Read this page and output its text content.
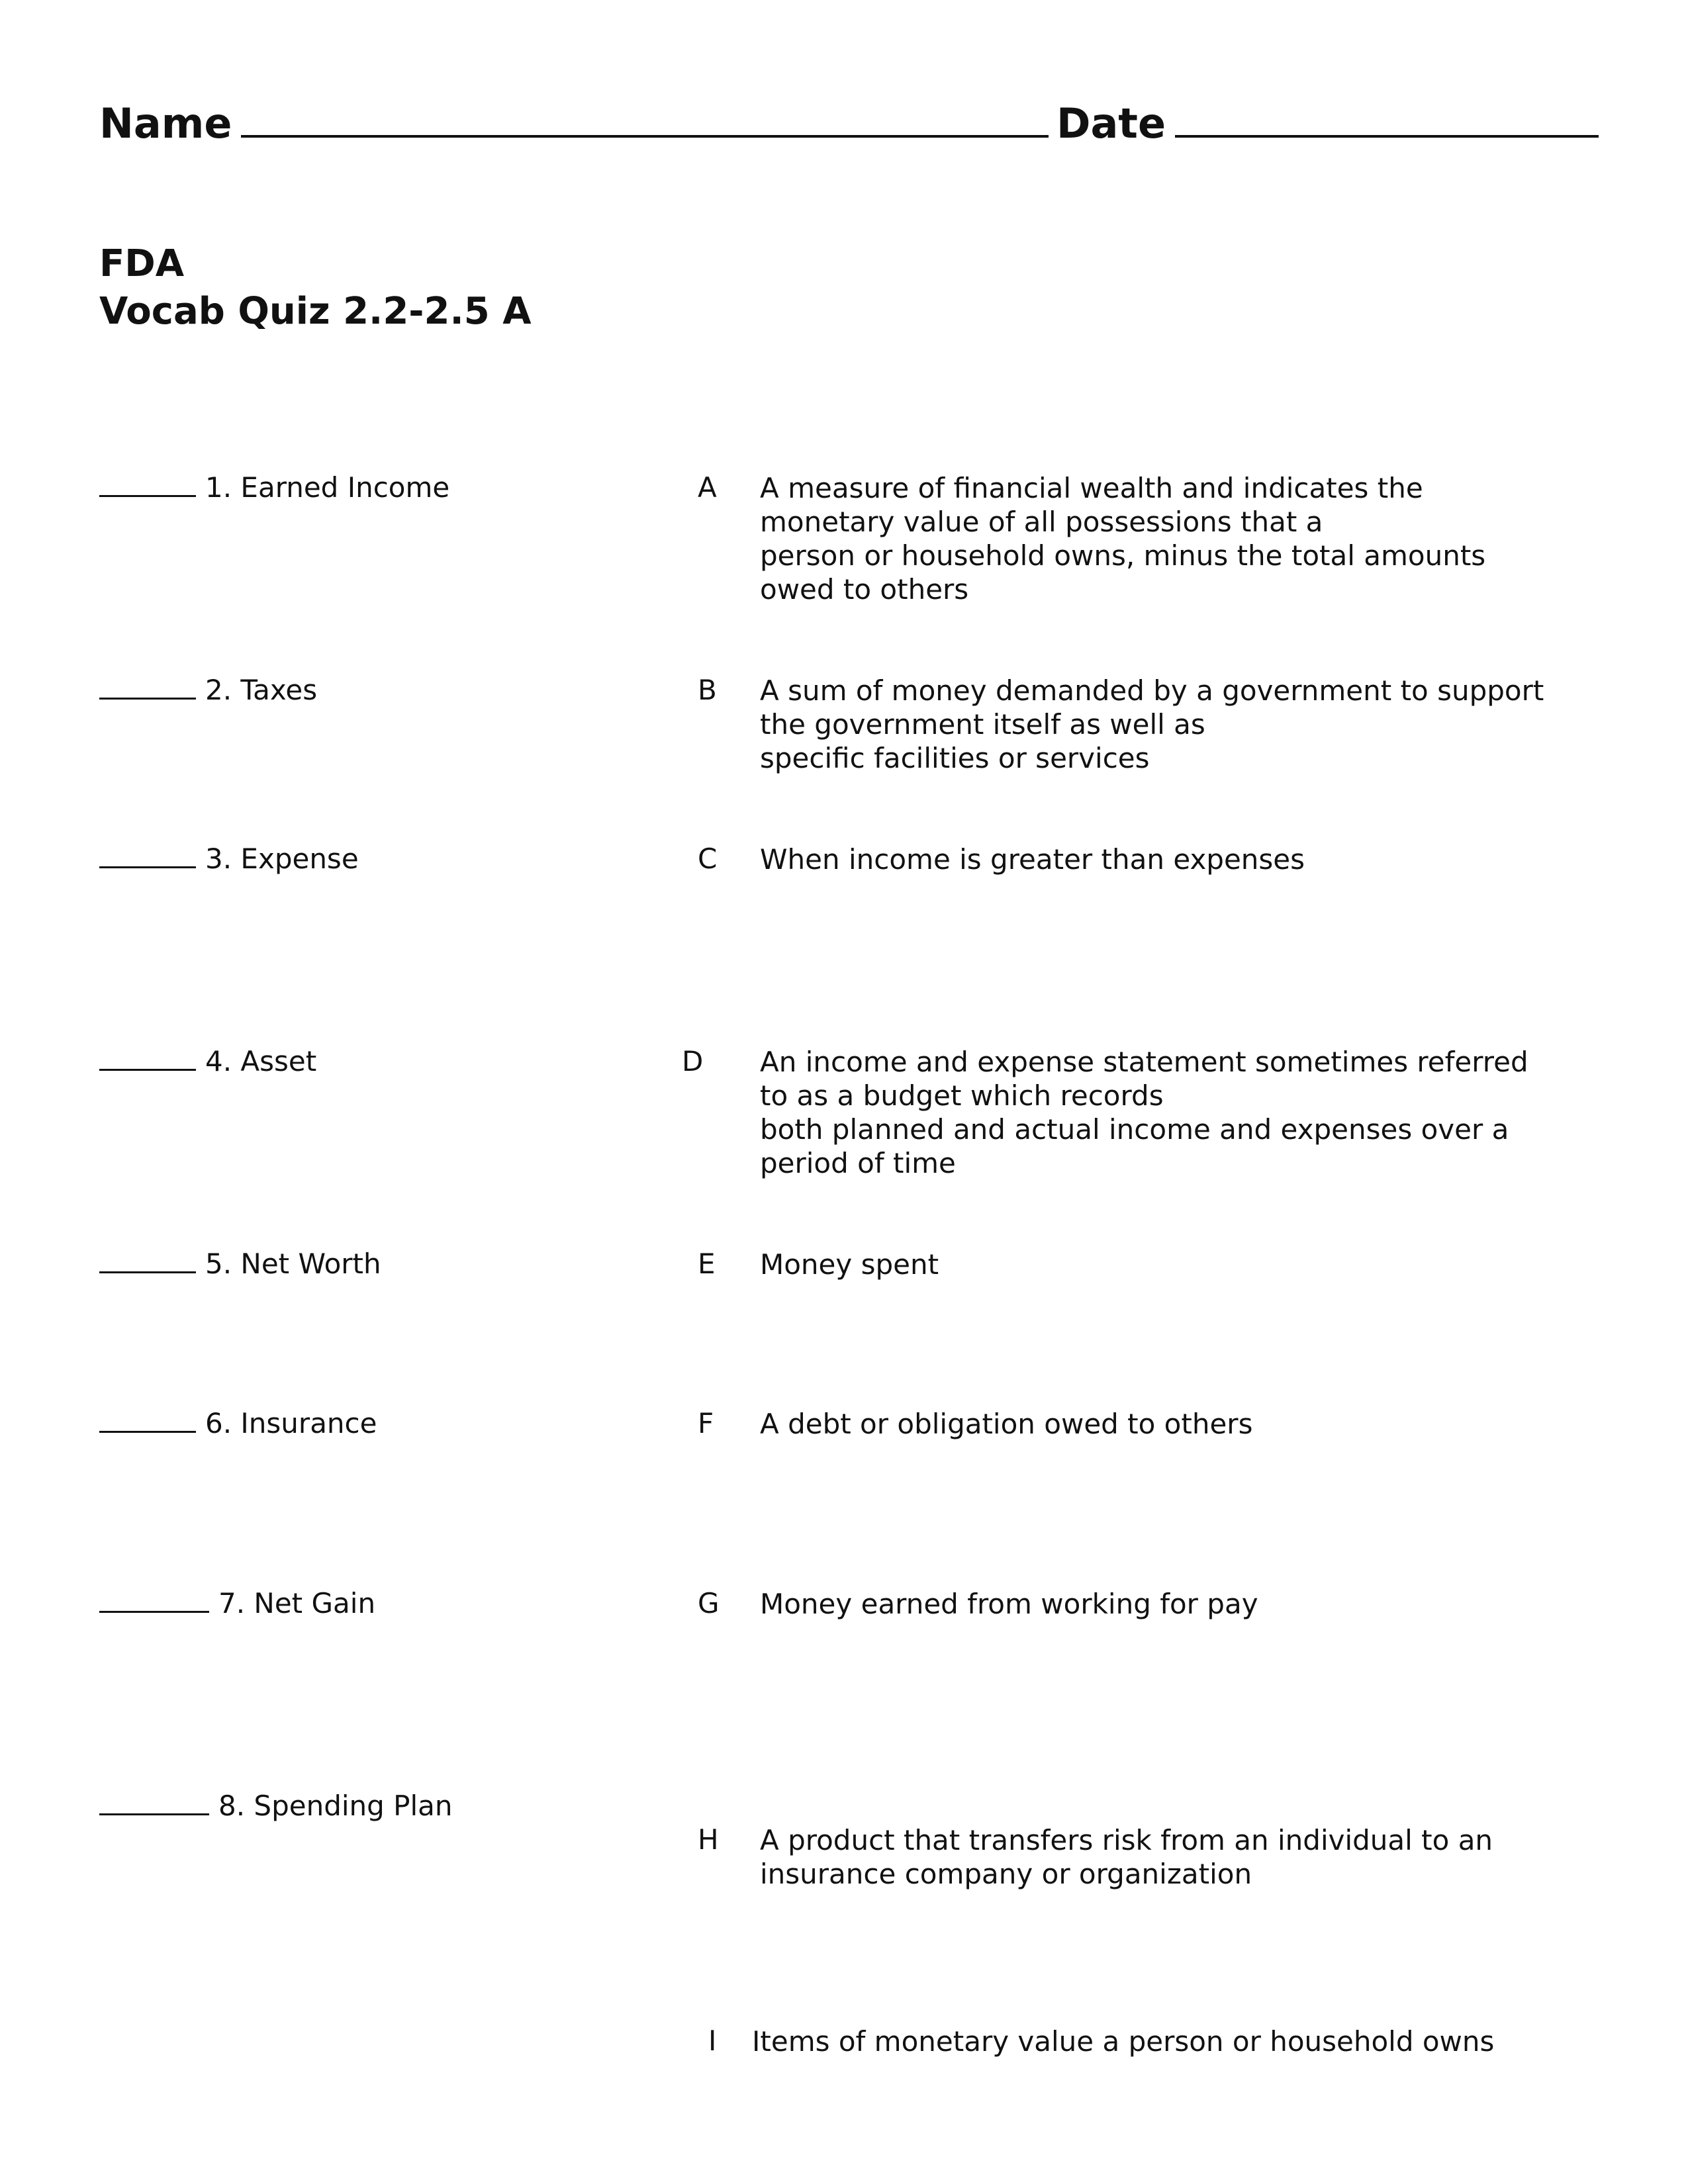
Name	Date
FDA
Vocab Quiz 2.2-2.5 A
1. Earned Income
2. Taxes
3. Expense
4. Asset
5. Net Worth
6. Insurance
7. Net Gain
8. Spending Plan
A
B
C
D
E
F
G
H
I
A measure of financial wealth and indicates the
monetary value of all possessions that a
person or household owns, minus the total amounts
owed to others
A sum of money demanded by a government to support
the government itself as well as
specific facilities or services
When income is greater than expenses
An income and expense statement sometimes referred
to as a budget which records
both planned and actual income and expenses over a
period of time
Money spent
A debt or obligation owed to others
Money earned from working for pay
A product that transfers risk from an individual to an
insurance company or organization
Items of monetary value a person or household owns
